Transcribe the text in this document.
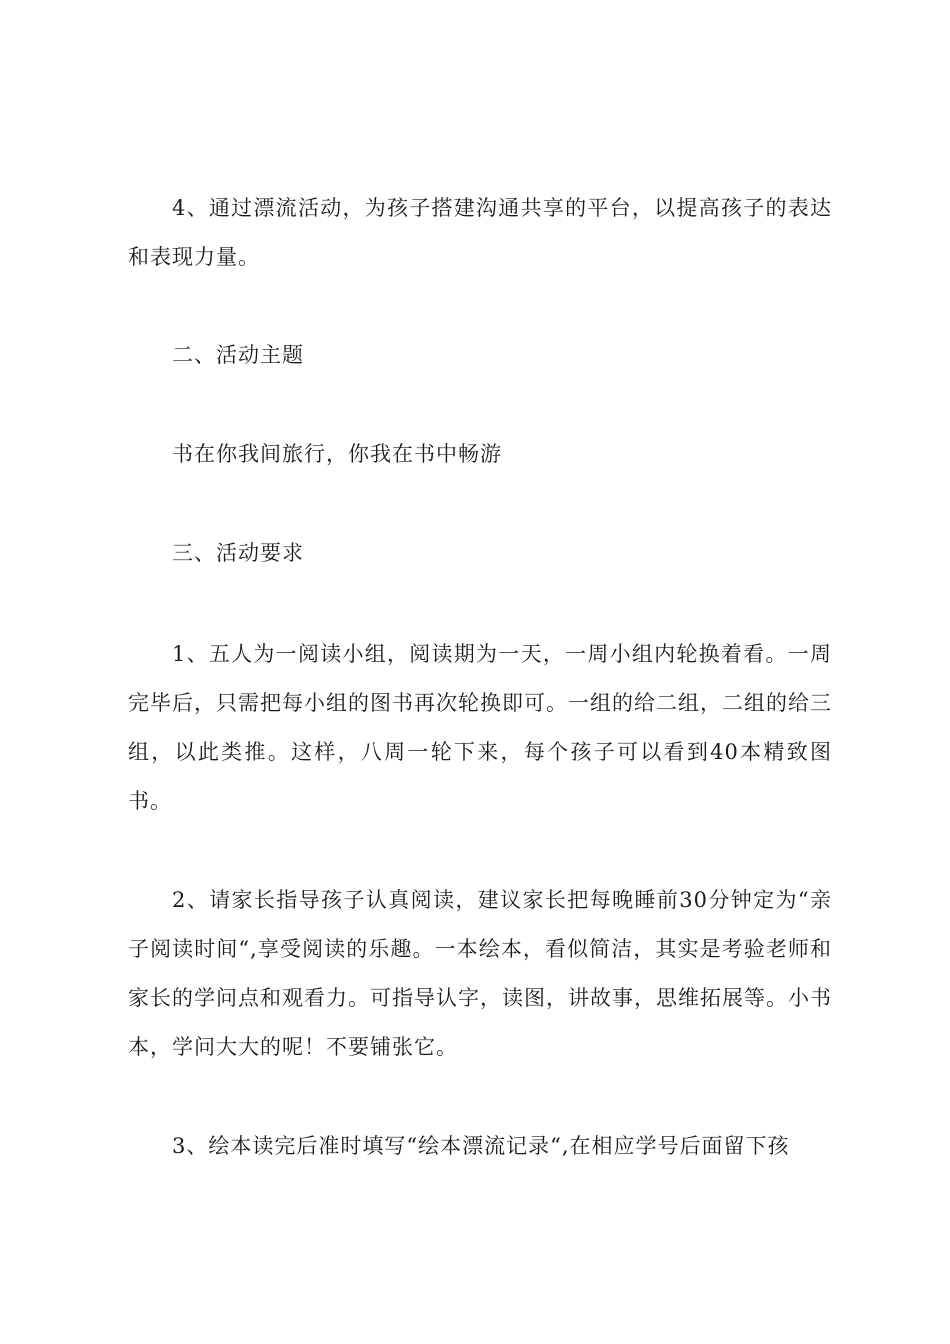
4、通过漂流活动，为孩子搭建沟通共享的平台，以提高孩子的表达和表现力量。

二、活动主题

书在你我间旅行，你我在书中畅游

三、活动要求

1、五人为一阅读小组，阅读期为一天，一周小组内轮换着看。一周完毕后，只需把每小组的图书再次轮换即可。一组的给二组，二组的给三组，以此类推。这样，八周一轮下来，每个孩子可以看到40本精致图书。

2、请家长指导孩子认真阅读，建议家长把每晚睡前30分钟定为“亲子阅读时间“,享受阅读的乐趣。一本绘本，看似简洁，其实是考验老师和家长的学问点和观看力。可指导认字，读图，讲故事，思维拓展等。小书本，学问大大的呢！不要铺张它。

3、绘本读完后准时填写“绘本漂流记录“,在相应学号后面留下孩
